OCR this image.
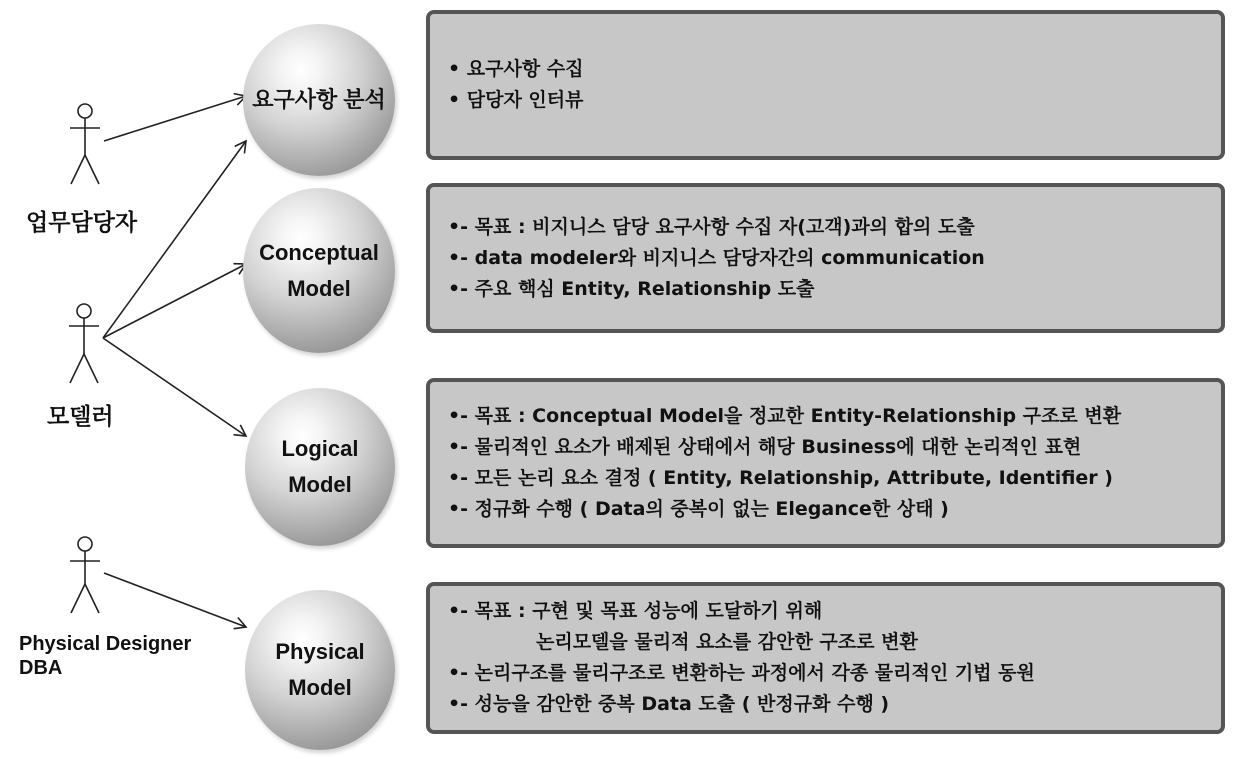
업무담당자
모델러
Physical Designer
DBA
요구사항 분석
Conceptual
Model
Logical
Model
Physical
Model
• 요구사항 수집
• 담당자 인터뷰
•- 목표 : 비지니스 담당 요구사항 수집 자(고객)과의 합의 도출
•- data modeler와 비지니스 담당자간의 communication
•- 주요 핵심 Entity, Relationship 도출
•- 목표 : Conceptual Model을 정교한 Entity-Relationship 구조로 변환
•- 물리적인 요소가 배제된 상태에서 해당 Business에 대한 논리적인 표현
•- 모든 논리 요소 결정 ( Entity, Relationship, Attribute, Identifier )
•- 정규화 수행 ( Data의 중복이 없는 Elegance한 상태 )
•- 목표 : 구현 및 목표 성능에 도달하기 위해
논리모델을 물리적 요소를 감안한 구조로 변환
•- 논리구조를 물리구조로 변환하는 과정에서 각종 물리적인 기법 동원
•- 성능을 감안한 중복 Data 도출 ( 반정규화 수행 )
